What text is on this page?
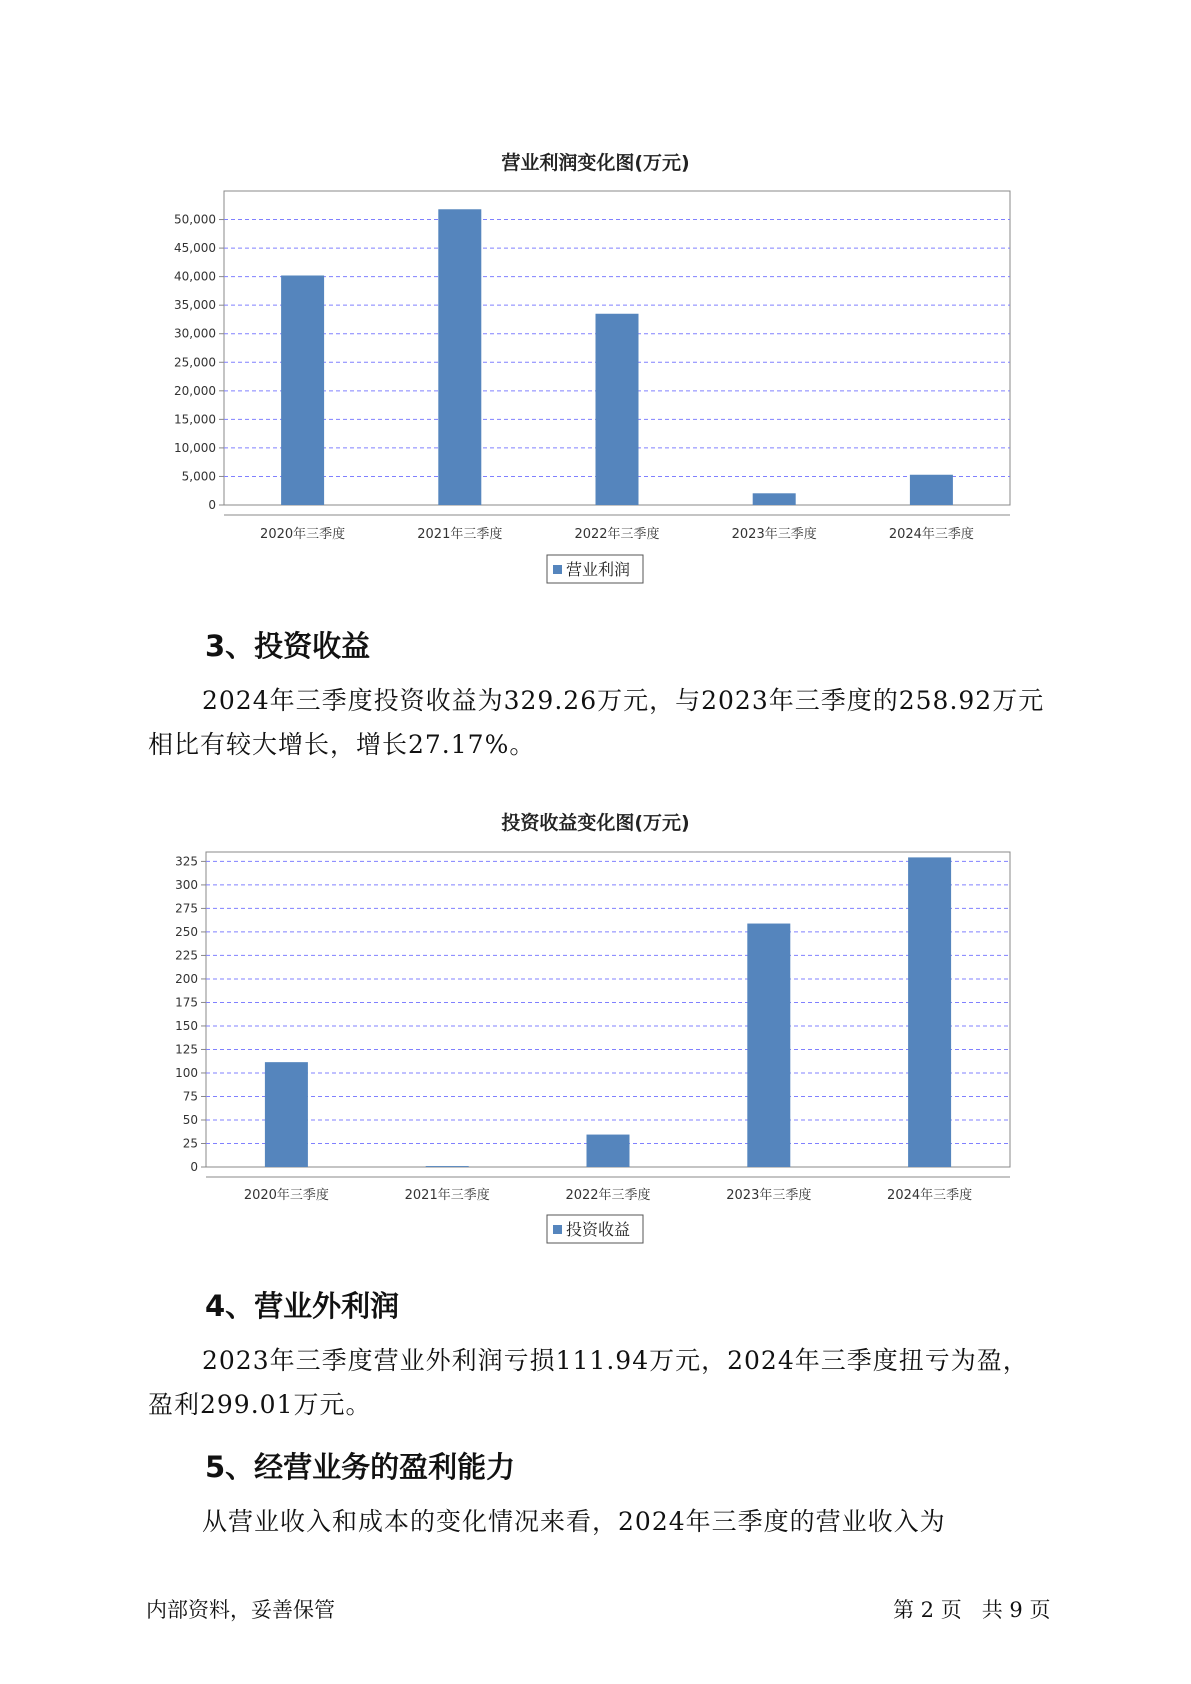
营业利润变化图(万元)
0
5,000
10,000
15,000
20,000
25,000
30,000
35,000
40,000
45,000
50,000
2020年三季度	2021年三季度	2022年三季度	2023年三季度	2024年三季度
营业利润
3、投资收益
2024年三季度投资收益为329.26万元，与2023年三季度的258.92万元相比有较大增长，增长27.17%。
投资收益变化图(万元)
0
25
50
75
100
125
150
175
200
225
250
275
300
325
2020年三季度	2021年三季度	2022年三季度	2023年三季度	2024年三季度
投资收益
4、营业外利润
2023年三季度营业外利润亏损111.94万元，2024年三季度扭亏为盈，盈利299.01万元。
5、经营业务的盈利能力
从营业收入和成本的变化情况来看，2024年三季度的营业收入为
内部资料，妥善保管	第 2 页   共 9 页
